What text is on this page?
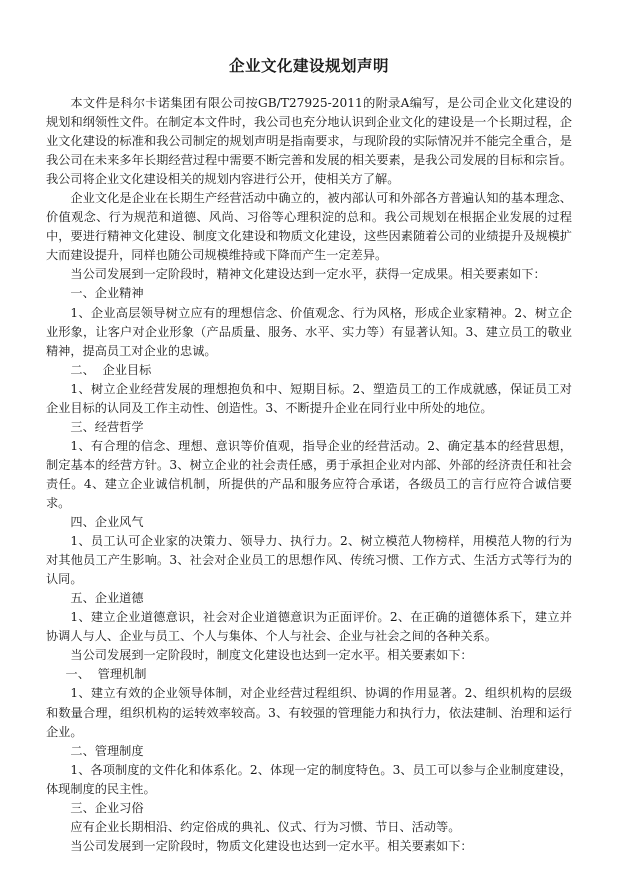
企业文化建设规划声明

本文件是科尔卡诺集团有限公司按GB/T27925-2011的附录A编写，是公司企业文化建设的规划和纲领性文件。在制定本文件时，我公司也充分地认识到企业文化的建设是一个长期过程，企业文化建设的标准和我公司制定的规划声明是指南要求，与现阶段的实际情况并不能完全重合，是我公司在未来多年长期经营过程中需要不断完善和发展的相关要素，是我公司发展的目标和宗旨。我公司将企业文化建设相关的规划内容进行公开，使相关方了解。

企业文化是企业在长期生产经营活动中确立的，被内部认可和外部各方普遍认知的基本理念、价值观念、行为规范和道德、风尚、习俗等心理积淀的总和。我公司规划在根据企业发展的过程中，要进行精神文化建设、制度文化建设和物质文化建设，这些因素随着公司的业绩提升及规模扩大而建设提升，同样也随公司规模维持或下降而产生一定差异。

当公司发展到一定阶段时，精神文化建设达到一定水平，获得一定成果。相关要素如下：

一、企业精神

1、企业高层领导树立应有的理想信念、价值观念、行为风格，形成企业家精神。2、树立企业形象，让客户对企业形象（产品质量、服务、水平、实力等）有显著认知。3、建立员工的敬业精神，提高员工对企业的忠诚。

二、  企业目标

1、树立企业经营发展的理想抱负和中、短期目标。2、塑造员工的工作成就感，保证员工对企业目标的认同及工作主动性、创造性。3、不断提升企业在同行业中所处的地位。

三、经营哲学

1、有合理的信念、理想、意识等价值观，指导企业的经营活动。2、确定基本的经营思想，制定基本的经营方针。3、树立企业的社会责任感，勇于承担企业对内部、外部的经济责任和社会责任。4、建立企业诚信机制，所提供的产品和服务应符合承诺，各级员工的言行应符合诚信要求。

四、企业风气

1、员工认可企业家的决策力、领导力、执行力。2、树立模范人物榜样，用模范人物的行为对其他员工产生影响。3、社会对企业员工的思想作风、传统习惯、工作方式、生活方式等行为的认同。

五、企业道德

1、建立企业道德意识，社会对企业道德意识为正面评价。2、在正确的道德体系下，建立并协调人与人、企业与员工、个人与集体、个人与社会、企业与社会之间的各种关系。

当公司发展到一定阶段时，制度文化建设也达到一定水平。相关要素如下：

一、  管理机制

1、建立有效的企业领导体制，对企业经营过程组织、协调的作用显著。2、组织机构的层级和数量合理，组织机构的运转效率较高。3、有较强的管理能力和执行力，依法建制、治理和运行企业。

二、管理制度

1、各项制度的文件化和体系化。2、体现一定的制度特色。3、员工可以参与企业制度建设，体现制度的民主性。

三、企业习俗

应有企业长期相沿、约定俗成的典礼、仪式、行为习惯、节日、活动等。

当公司发展到一定阶段时，物质文化建设也达到一定水平。相关要素如下：
